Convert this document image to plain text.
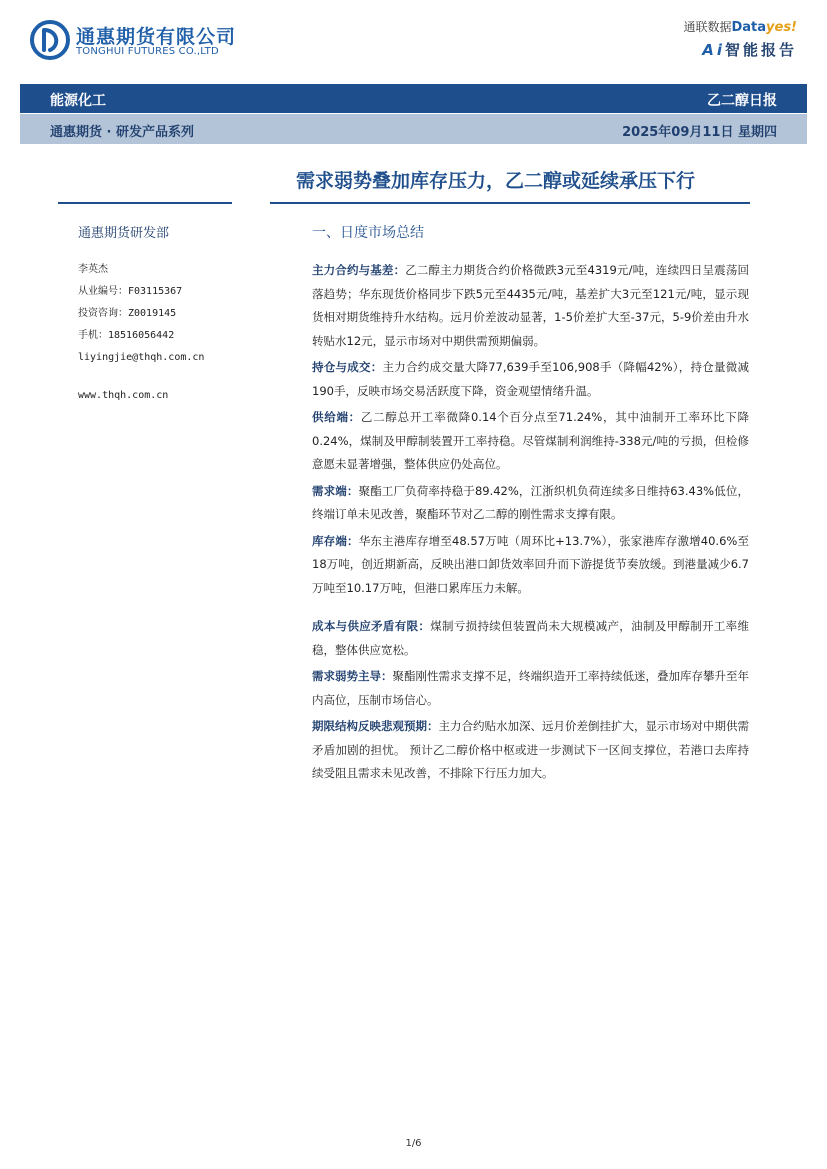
通惠期货有限公司
TONGHUI FUTURES CO.,LTD
通联数据Datayes!
Ai智能报告
能源化工	乙二醇日报
通惠期货 · 研发产品系列	2025年09月11日 星期四
需求弱势叠加库存压力，乙二醇或延续承压下行
通惠期货研发部
李英杰
从业编号：F03115367
投资咨询：Z0019145
手机：18516056442
liyingjie@thqh.com.cn
www.thqh.com.cn
一、日度市场总结

主力合约与基差：乙二醇主力期货合约价格微跌3元至4319元/吨，连续四日呈震荡回落趋势；华东现货价格同步下跌5元至4435元/吨，基差扩大3元至121元/吨，显示现货相对期货维持升水结构。远月价差波动显著，1-5价差扩大至-37元，5-9价差由升水转贴水12元，显示市场对中期供需预期偏弱。

持仓与成交：主力合约成交量大降77,639手至106,908手（降幅42%），持仓量微减190手，反映市场交易活跃度下降，资金观望情绪升温。

供给端：乙二醇总开工率微降0.14个百分点至71.24%，其中油制开工率环比下降0.24%，煤制及甲醇制装置开工率持稳。尽管煤制利润维持-338元/吨的亏损，但检修意愿未显著增强，整体供应仍处高位。

需求端：聚酯工厂负荷率持稳于89.42%，江浙织机负荷连续多日维持63.43%低位，终端订单未见改善，聚酯环节对乙二醇的刚性需求支撑有限。

库存端：华东主港库存增至48.57万吨（周环比+13.7%），张家港库存激增40.6%至18万吨，创近期新高，反映出港口卸货效率回升而下游提货节奏放缓。到港量减少6.7万吨至10.17万吨，但港口累库压力未解。

成本与供应矛盾有限：煤制亏损持续但装置尚未大规模减产，油制及甲醇制开工率维稳，整体供应宽松。

需求弱势主导：聚酯刚性需求支撑不足，终端织造开工率持续低迷，叠加库存攀升至年内高位，压制市场信心。

期限结构反映悲观预期：主力合约贴水加深、远月价差倒挂扩大，显示市场对中期供需矛盾加剧的担忧。 预计乙二醇价格中枢或进一步测试下一区间支撑位，若港口去库持续受阻且需求未见改善，不排除下行压力加大。

1/6
